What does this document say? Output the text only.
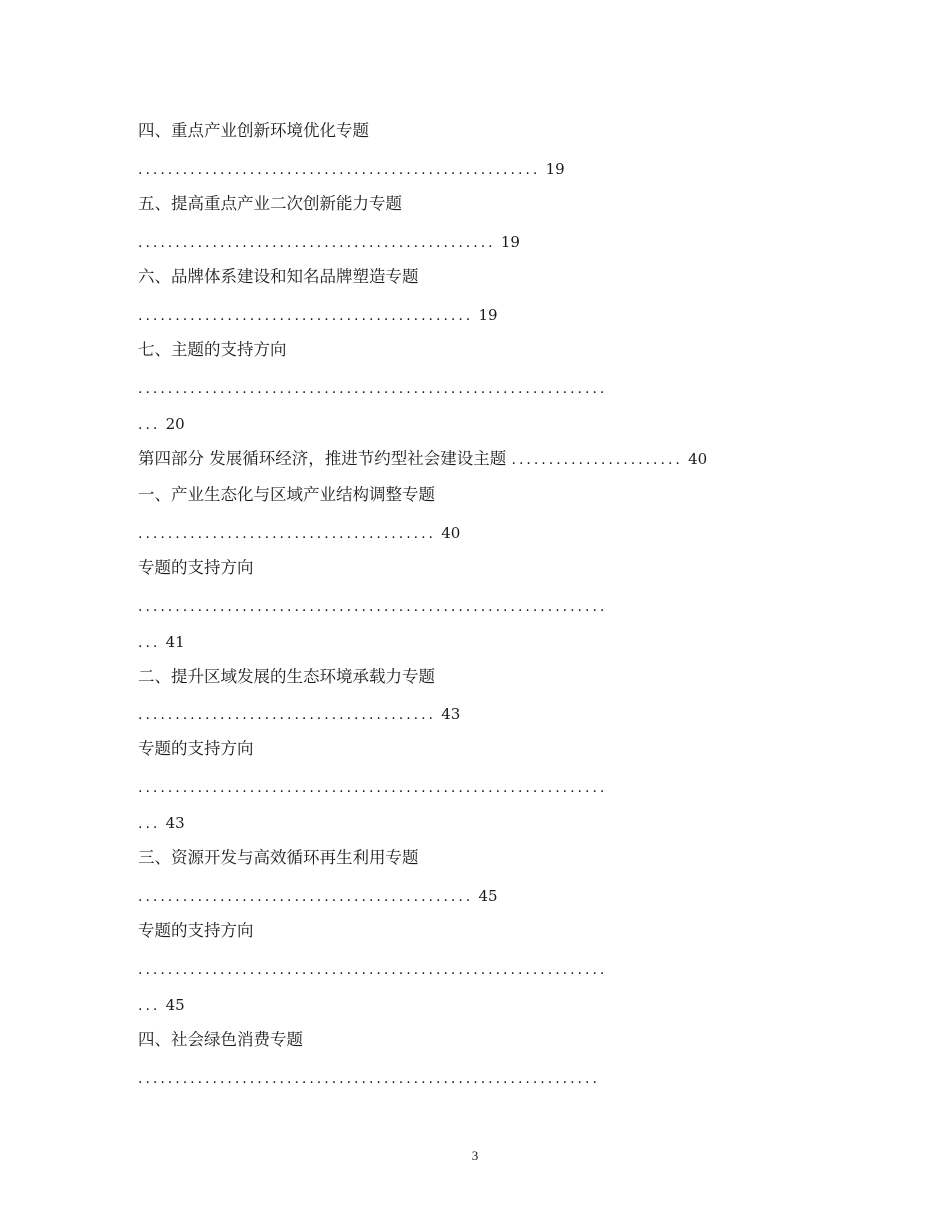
四、重点产业创新环境优化专题
...................................................... 19
五、提高重点产业二次创新能力专题
................................................ 19
六、品牌体系建设和知名品牌塑造专题
............................................. 19
七、主题的支持方向
...............................................................
... 20
第四部分 发展循环经济，推进节约型社会建设主题 ....................... 40
一、产业生态化与区域产业结构调整专题
........................................ 40
专题的支持方向
...............................................................
... 41
二、提升区域发展的生态环境承载力专题
........................................ 43
专题的支持方向
...............................................................
... 43
三、资源开发与高效循环再生利用专题
............................................. 45
专题的支持方向
...............................................................
... 45
四、社会绿色消费专题
..............................................................
3
